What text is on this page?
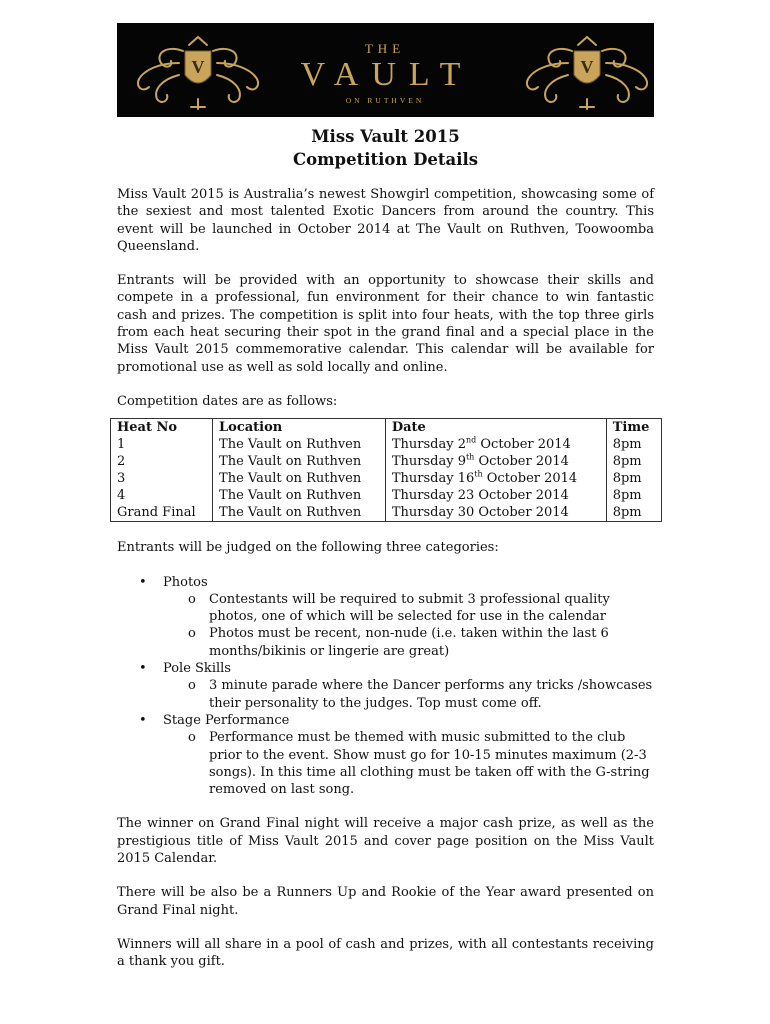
V	V
THE
VAULT
ON RUTHVEN
Miss Vault 2015
Competition Details

Miss Vault 2015 is Australia’s newest Showgirl competition, showcasing some of the sexiest and most talented Exotic Dancers from around the country. This event will be launched in October 2014 at The Vault on Ruthven, Toowoomba Queensland.

Entrants will be provided with an opportunity to showcase their skills and compete in a professional, fun environment for their chance to win fantastic cash and prizes. The competition is split into four heats, with the top three girls from each heat securing their spot in the grand final and a special place in the Miss Vault 2015 commemorative calendar. This calendar will be available for promotional use as well as sold locally and online.

Competition dates are as follows:

Heat No	Location	Date	Time
1	The Vault on Ruthven	Thursday 2nd October 2014	8pm
2	The Vault on Ruthven	Thursday 9th October 2014	8pm
3	The Vault on Ruthven	Thursday 16th October 2014	8pm
4	The Vault on Ruthven	Thursday 23 October 2014	8pm
Grand Final	The Vault on Ruthven	Thursday 30 October 2014	8pm

Entrants will be judged on the following three categories:

• Photos
o Contestants will be required to submit 3 professional quality photos, one of which will be selected for use in the calendar
o Photos must be recent, non-nude (i.e. taken within the last 6 months/bikinis or lingerie are great)
• Pole Skills
o 3 minute parade where the Dancer performs any tricks /showcases their personality to the judges. Top must come off.
• Stage Performance
o Performance must be themed with music submitted to the club prior to the event. Show must go for 10-15 minutes maximum (2-3 songs). In this time all clothing must be taken off with the G-string removed on last song.

The winner on Grand Final night will receive a major cash prize, as well as the prestigious title of Miss Vault 2015 and cover page position on the Miss Vault 2015 Calendar.

There will be also be a Runners Up and Rookie of the Year award presented on Grand Final night.

Winners will all share in a pool of cash and prizes, with all contestants receiving a thank you gift.
